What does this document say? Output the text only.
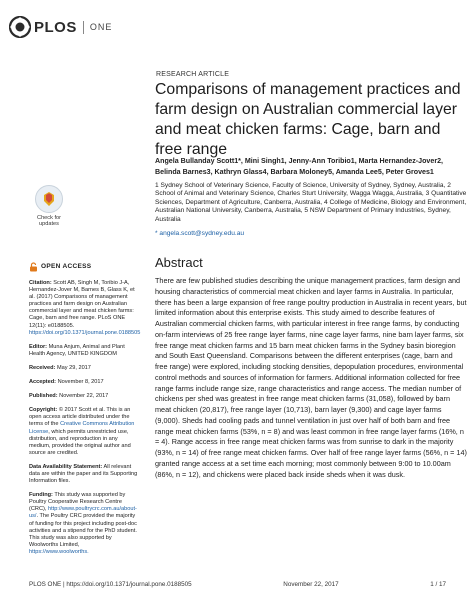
PLOS ONE
RESEARCH ARTICLE
Comparisons of management practices and farm design on Australian commercial layer and meat chicken farms: Cage, barn and free range
Angela Bullanday Scott1*, Mini Singh1, Jenny-Ann Toribio1, Marta Hernandez-Jover2, Belinda Barnes3, Kathryn Glass4, Barbara Moloney5, Amanda Lee5, Peter Groves1
1 Sydney School of Veterinary Science, Faculty of Science, University of Sydney, Sydney, Australia, 2 School of Animal and Veterinary Science, Charles Sturt University, Wagga Wagga, Australia, 3 Quantitative Sciences, Department of Agriculture, Canberra, Australia, 4 College of Medicine, Biology and Environment, Australian National University, Canberra, Australia, 5 NSW Department of Primary Industries, Sydney, Australia
* angela.scott@sydney.edu.au
Check for updates
OPEN ACCESS
Citation: Scott AB, Singh M, Toribio J-A, Hernandez-Jover M, Barnes B, Glass K, et al. (2017) Comparisons of management practices and farm design on Australian commercial layer and meat chicken farms: Cage, barn and free range. PLoS ONE 12(11): e0188505. https://doi.org/10.1371/journal.pone.0188505
Editor: Muna Anjum, Animal and Plant Health Agency, UNITED KINGDOM
Received: May 29, 2017
Accepted: November 8, 2017
Published: November 22, 2017
Copyright: © 2017 Scott et al. This is an open access article distributed under the terms of the Creative Commons Attribution License, which permits unrestricted use, distribution, and reproduction in any medium, provided the original author and source are credited.
Data Availability Statement: All relevant data are within the paper and its Supporting Information files.
Funding: This study was supported by Poultry Cooperative Research Centre (CRC), http://www.poultrycrc.com.au/about-us/. The Poultry CRC provided the majority of funding for this project including post-doc activities and a stipend for the PhD student. This study was also supported by Woolworths Limited, https://www.woolworths.
Abstract
There are few published studies describing the unique management practices, farm design and housing characteristics of commercial meat chicken and layer farms in Australia. In particular, there has been a large expansion of free range poultry production in Australia in recent years, but limited information about this enterprise exists. This study aimed to describe features of Australian commercial chicken farms, with particular interest in free range farms, by conducting on-farm interviews of 25 free range layer farms, nine cage layer farms, nine barn layer farms, six free range meat chicken farms and 15 barn meat chicken farms in the Sydney basin bioregion and South East Queensland. Comparisons between the different enterprises (cage, barn and free range) were explored, including stocking densities, depopulation procedures, environmental control methods and sources of information for farmers. Additional information collected for free range farms include range size, range characteristics and range access. The median number of chickens per shed was greatest in free range meat chicken farms (31,058), followed by barn meat chicken (20,817), free range layer (10,713), barn layer (9,300) and cage layer farms (9,000). Sheds had cooling pads and tunnel ventilation in just over half of both barn and free range meat chicken farms (53%, n = 8) and was least common in free range layer farms (16%, n = 4). Range access in free range meat chicken farms was from sunrise to dark in the majority (93%, n = 14) of free range meat chicken farms. Over half of free range layer farms (56%, n = 14) granted range access at a set time each morning; most commonly between 9:00 to 10.00am (86%, n = 12), and chickens were placed back inside sheds when it was dusk.
PLOS ONE | https://doi.org/10.1371/journal.pone.0188505	November 22, 2017	1 / 17
